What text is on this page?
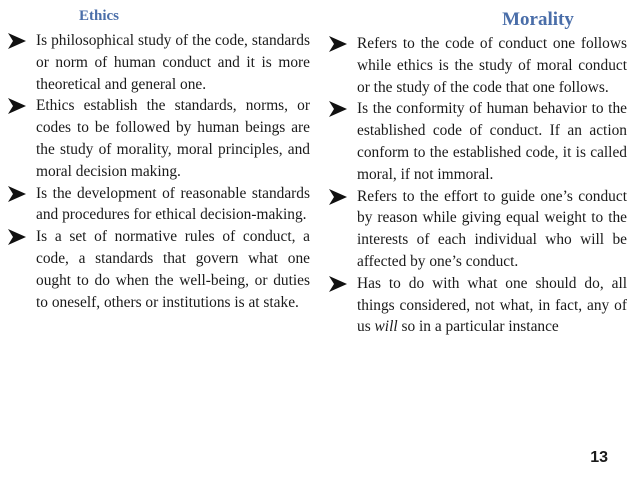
Ethics
Is philosophical study of the code, standards or norm of human conduct and it is more theoretical and general one.
Ethics establish the standards, norms, or codes to be followed by human beings are the study of morality, moral principles, and moral decision making.
Is the development of reasonable standards and procedures for ethical decision-making.
Is a set of normative rules of conduct, a code, a standards that govern what one ought to do when the well-being, or duties to oneself, others or institutions is at stake.
Morality
Refers to the code of conduct one follows while ethics is the study of moral conduct or the study of the code that one follows.
Is the conformity of human behavior to the established code of conduct. If an action conform to the established code, it is called moral, if not immoral.
Refers to the effort to guide one’s conduct by reason while giving equal weight to the interests of each individual who will be affected by one’s conduct.
Has to do with what one should do, all things considered, not what, in fact, any of us will so in a particular instance
13
